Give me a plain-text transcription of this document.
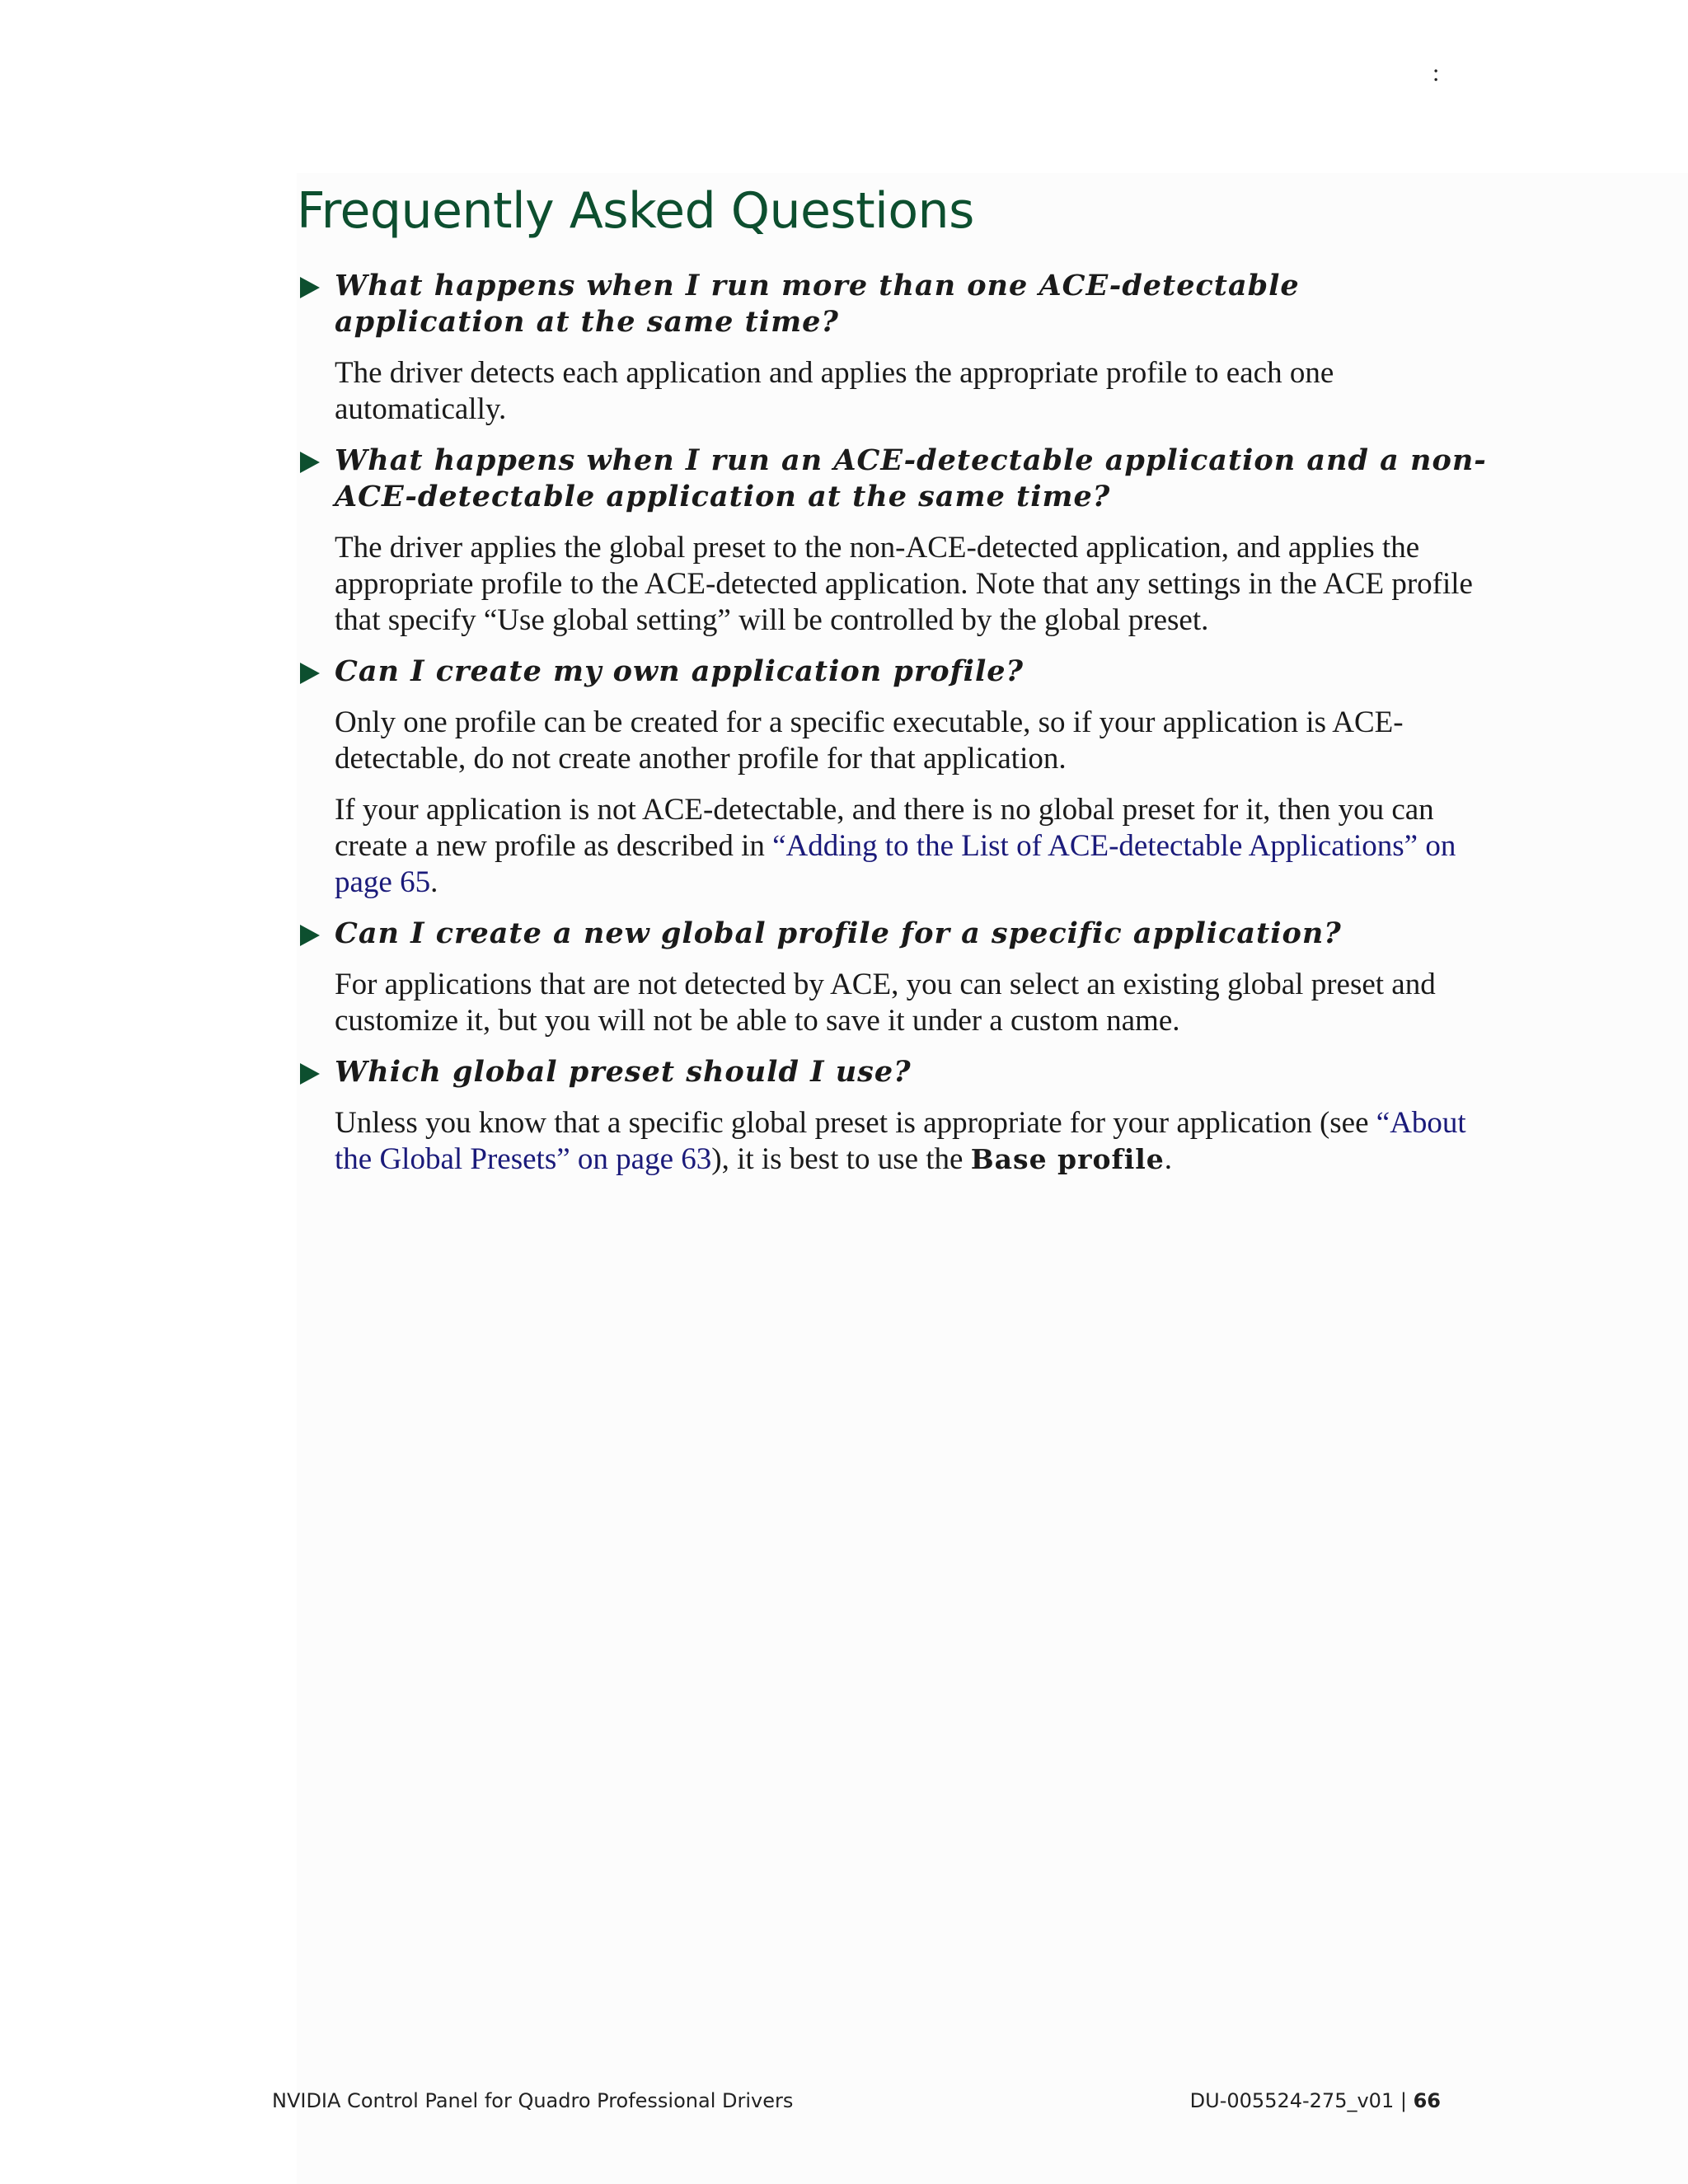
:
Frequently Asked Questions

What happens when I run more than one ACE-detectable application at the same time?

The driver detects each application and applies the appropriate profile to each one automatically.

What happens when I run an ACE-detectable application and a non-ACE-detectable application at the same time?

The driver applies the global preset to the non-ACE-detected application, and applies the appropriate profile to the ACE-detected application. Note that any settings in the ACE profile that specify “Use global setting” will be controlled by the global preset.

Can I create my own application profile?

Only one profile can be created for a specific executable, so if your application is ACE-detectable, do not create another profile for that application.

If your application is not ACE-detectable, and there is no global preset for it, then you can create a new profile as described in “Adding to the List of ACE-detectable Applications” on page 65.

Can I create a new global profile for a specific application?

For applications that are not detected by ACE, you can select an existing global preset and customize it, but you will not be able to save it under a custom name.

Which global preset should I use?

Unless you know that a specific global preset is appropriate for your application (see “About the Global Presets” on page 63), it is best to use the Base profile.

NVIDIA Control Panel for Quadro Professional Drivers	DU-005524-275_v01 | 66
